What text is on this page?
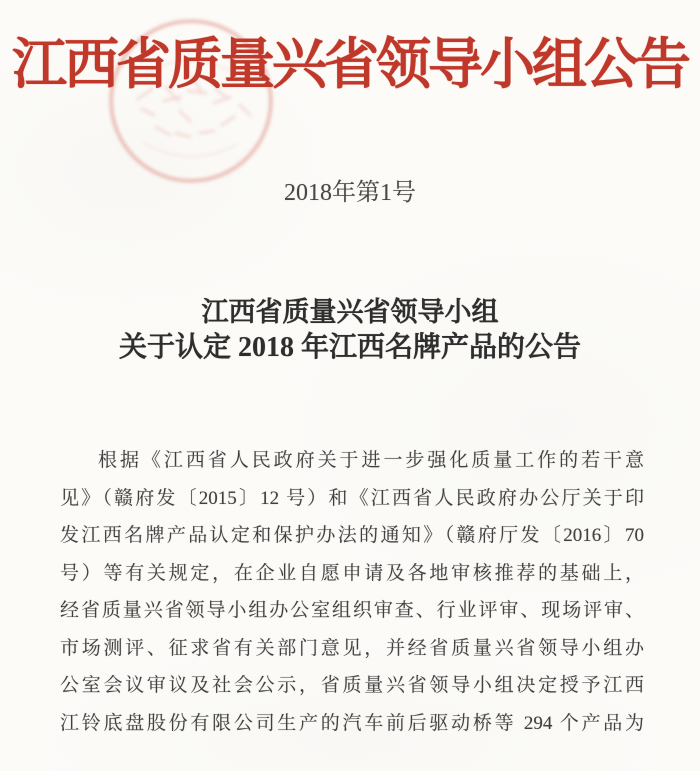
江西省质量兴省领导小组公告
2018年第1号
江西省质量兴省领导小组
关于认定 2018 年江西名牌产品的公告
根据《江西省人民政府关于进一步强化质量工作的若干意
见》（赣府发〔2015〕12 号）和《江西省人民政府办公厅关于印
发江西名牌产品认定和保护办法的通知》（赣府厅发〔2016〕70
号）等有关规定，在企业自愿申请及各地审核推荐的基础上，
经省质量兴省领导小组办公室组织审查、行业评审、现场评审、
市场测评、征求省有关部门意见，并经省质量兴省领导小组办
公室会议审议及社会公示，省质量兴省领导小组决定授予江西
江铃底盘股份有限公司生产的汽车前后驱动桥等 294 个产品为
